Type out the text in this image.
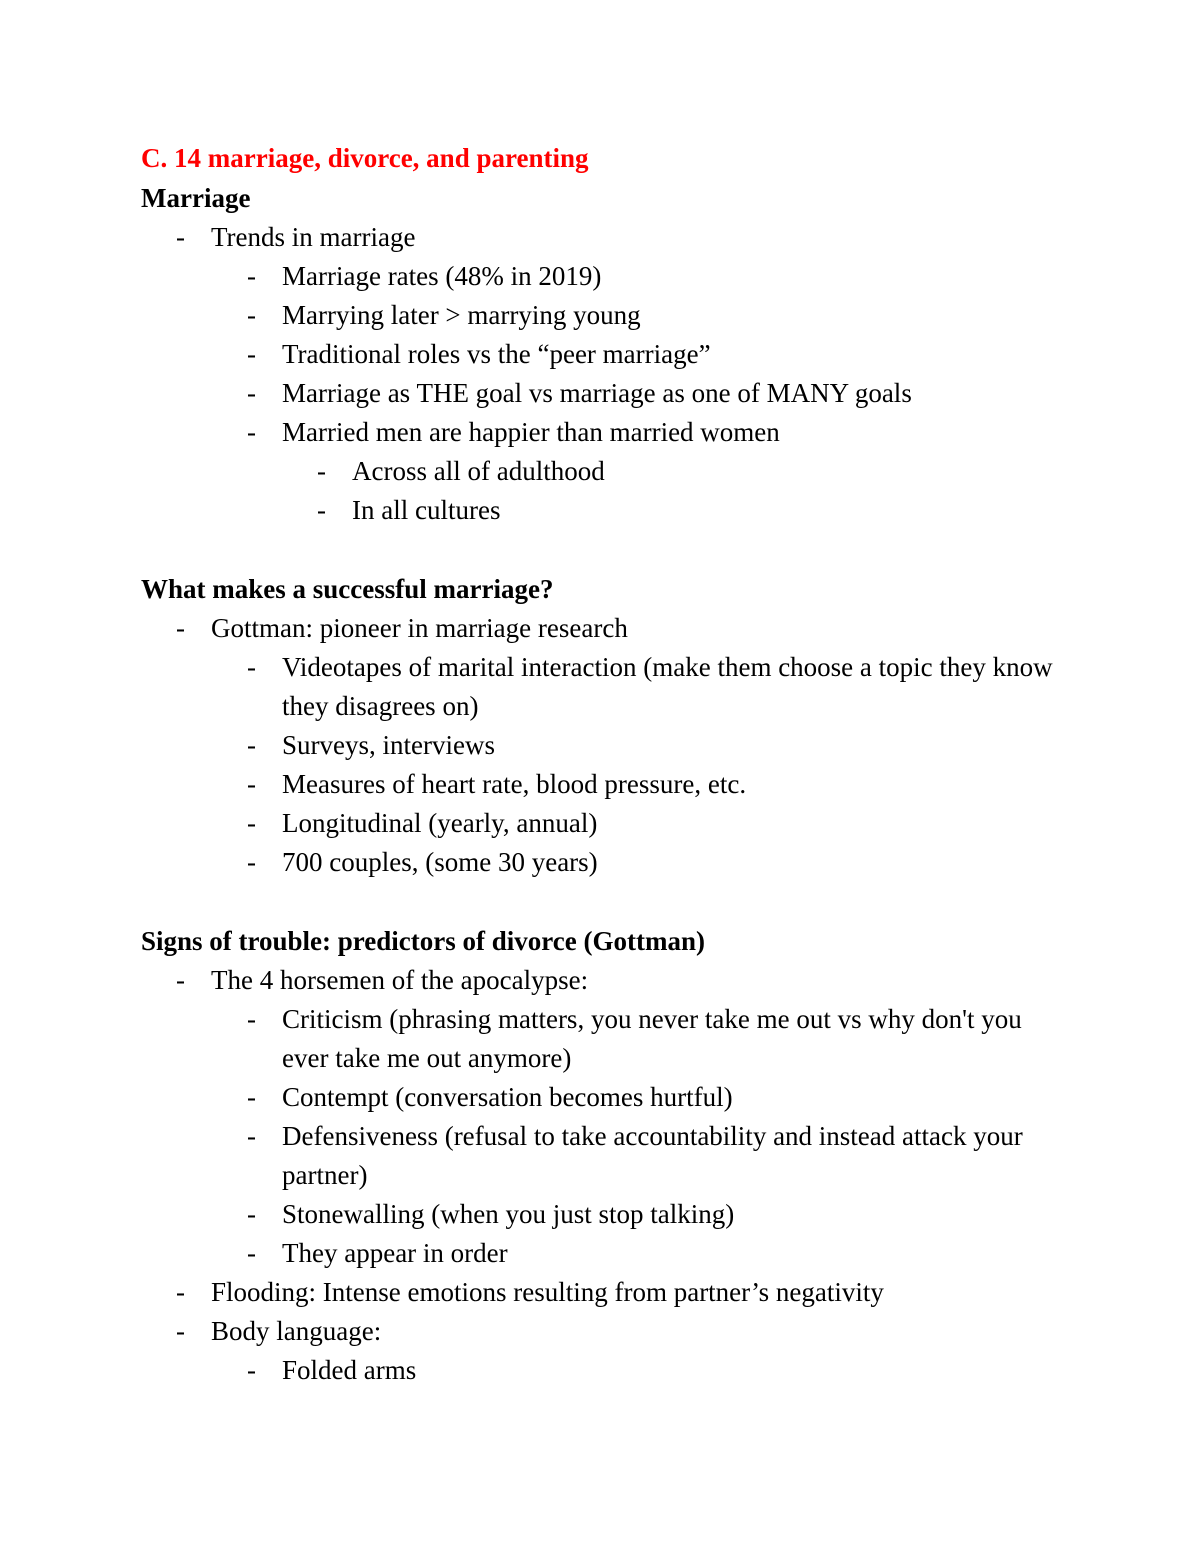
C. 14 marriage, divorce, and parenting
Marriage
- Trends in marriage
- Marriage rates (48% in 2019)
- Marrying later > marrying young
- Traditional roles vs the “peer marriage”
- Marriage as THE goal vs marriage as one of MANY goals
- Married men are happier than married women
- Across all of adulthood
- In all cultures
What makes a successful marriage?
- Gottman: pioneer in marriage research
- Videotapes of marital interaction (make them choose a topic they know they disagrees on)
- Surveys, interviews
- Measures of heart rate, blood pressure, etc.
- Longitudinal (yearly, annual)
- 700 couples, (some 30 years)
Signs of trouble: predictors of divorce (Gottman)
- The 4 horsemen of the apocalypse:
- Criticism (phrasing matters, you never take me out vs why don't you ever take me out anymore)
- Contempt (conversation becomes hurtful)
- Defensiveness (refusal to take accountability and instead attack your partner)
- Stonewalling (when you just stop talking)
- They appear in order
- Flooding: Intense emotions resulting from partner’s negativity
- Body language:
- Folded arms
